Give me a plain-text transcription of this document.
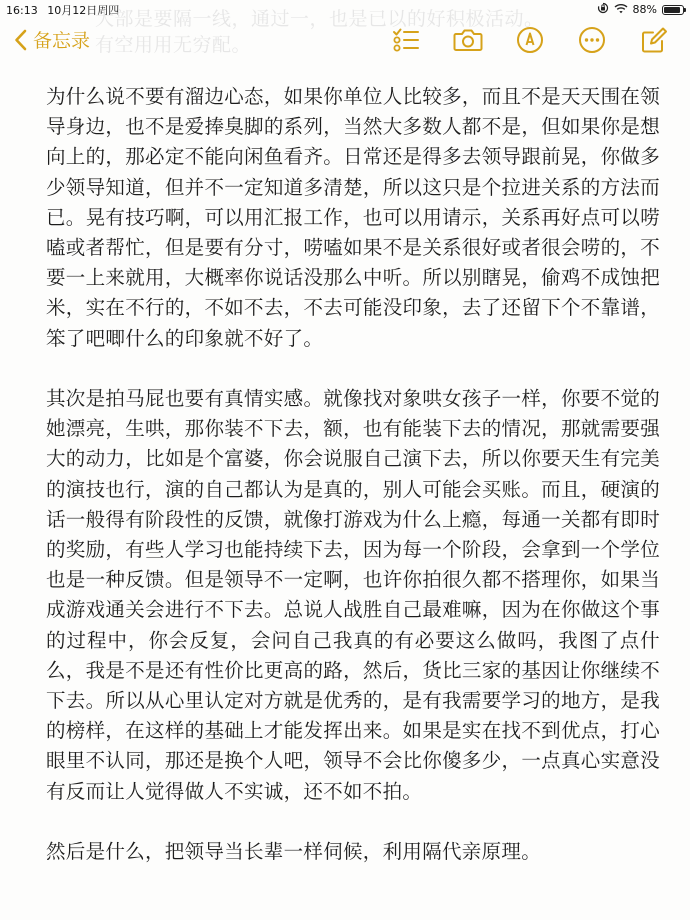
16:13 10月12日周四	88%
大部是要隔一线，通过一，也是已以的好积极活动。
有空用用无穷配。
备忘录

为什么说不要有溜边心态，如果你单位人比较多，而且不是天天围在领导身边，也不是爱捧臭脚的系列，当然大多数人都不是，但如果你是想向上的，那必定不能向闲鱼看齐。日常还是得多去领导跟前晃，你做多少领导知道，但并不一定知道多清楚，所以这只是个拉进关系的方法而已。晃有技巧啊，可以用汇报工作，也可以用请示，关系再好点可以唠嗑或者帮忙，但是要有分寸，唠嗑如果不是关系很好或者很会唠的，不要一上来就用，大概率你说话没那么中听。所以别瞎晃，偷鸡不成蚀把米，实在不行的，不如不去，不去可能没印象，去了还留下个不靠谱，笨了吧唧什么的印象就不好了。

其次是拍马屁也要有真情实感。就像找对象哄女孩子一样，你要不觉的她漂亮，生哄，那你装不下去，额，也有能装下去的情况，那就需要强大的动力，比如是个富婆，你会说服自己演下去，所以你要天生有完美的演技也行，演的自己都认为是真的，别人可能会买账。而且，硬演的话一般得有阶段性的反馈，就像打游戏为什么上瘾，每通一关都有即时的奖励，有些人学习也能持续下去，因为每一个阶段，会拿到一个学位也是一种反馈。但是领导不一定啊，也许你拍很久都不搭理你，如果当成游戏通关会进行不下去。总说人战胜自己最难嘛，因为在你做这个事的过程中，你会反复，会问自己我真的有必要这么做吗，我图了点什么，我是不是还有性价比更高的路，然后，货比三家的基因让你继续不下去。所以从心里认定对方就是优秀的，是有我需要学习的地方，是我的榜样，在这样的基础上才能发挥出来。如果是实在找不到优点，打心眼里不认同，那还是换个人吧，领导不会比你傻多少，一点真心实意没有反而让人觉得做人不实诚，还不如不拍。

然后是什么，把领导当长辈一样伺候，利用隔代亲原理。
